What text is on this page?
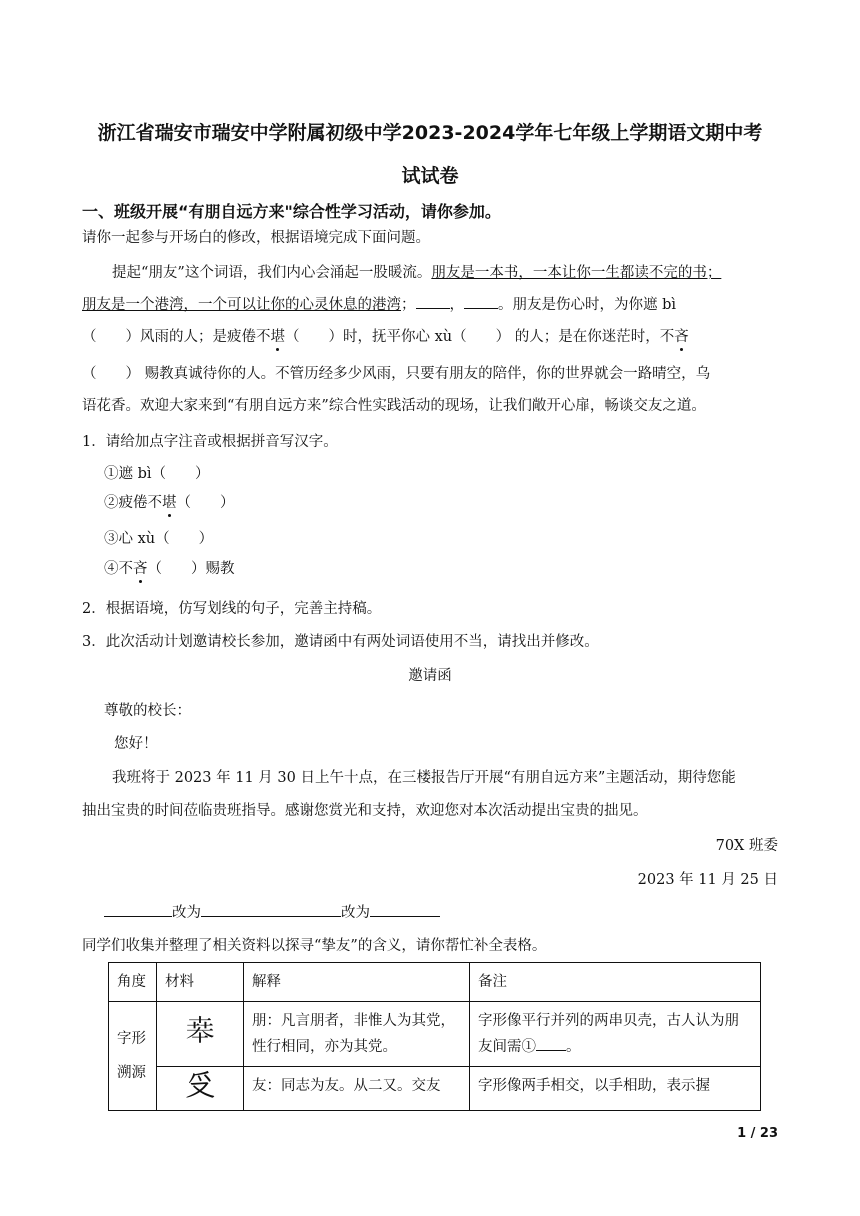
浙江省瑞安市瑞安中学附属初级中学2023-2024学年七年级上学期语文期中考
试试卷
一、班级开展“有朋自远方来"综合性学习活动，请你参加。
请你一起参与开场白的修改，根据语境完成下面问题。
提起“朋友”这个词语，我们内心会涌起一股暖流。朋友是一本书，一本让你一生都读不完的书；
朋友是一个港湾，一个可以让你的心灵休息的港湾； ， 。朋友是伤心时，为你遮 bì
（　　）风雨的人；是疲倦不堪（　　）时，抚平你心 xù（　　） 的人；是在你迷茫时，不吝
（　　） 赐教真诚待你的人。不管历经多少风雨，只要有朋友的陪伴，你的世界就会一路晴空，乌
语花香。欢迎大家来到“有朋自远方来”综合性实践活动的现场，让我们敞开心扉，畅谈交友之道。
1．请给加点字注音或根据拼音写汉字。
①遮 bì（　　）
②疲倦不堪（　　）
③心 xù（　　）
④不吝（　　）赐教
2．根据语境，仿写划线的句子，完善主持稿。
3．此次活动计划邀请校长参加，邀请函中有两处词语使用不当，请找出并修改。
邀请函
尊敬的校长：
您好！
我班将于 2023 年 11 月 30 日上午十点，在三楼报告厅开展“有朋自远方来”主题活动，期待您能
抽出宝贵的时间莅临贵班指导。感谢您赏光和支持，欢迎您对本次活动提出宝贵的拙见。
70X 班委
2023 年 11 月 25 日
改为	改为
同学们收集并整理了相关资料以探寻“挚友”的含义，请你帮忙补全表格。
角度	材料	解释	备注
字形
溯源	𠦪	朋：凡言朋者，非惟人为其党，性行相同，亦为其党。	字形像平行并列的两串贝壳，古人认为朋友间需① 。
	𠬪	友：同志为友。从二又。交友	字形像两手相交，以手相助，表示握
1 / 23
